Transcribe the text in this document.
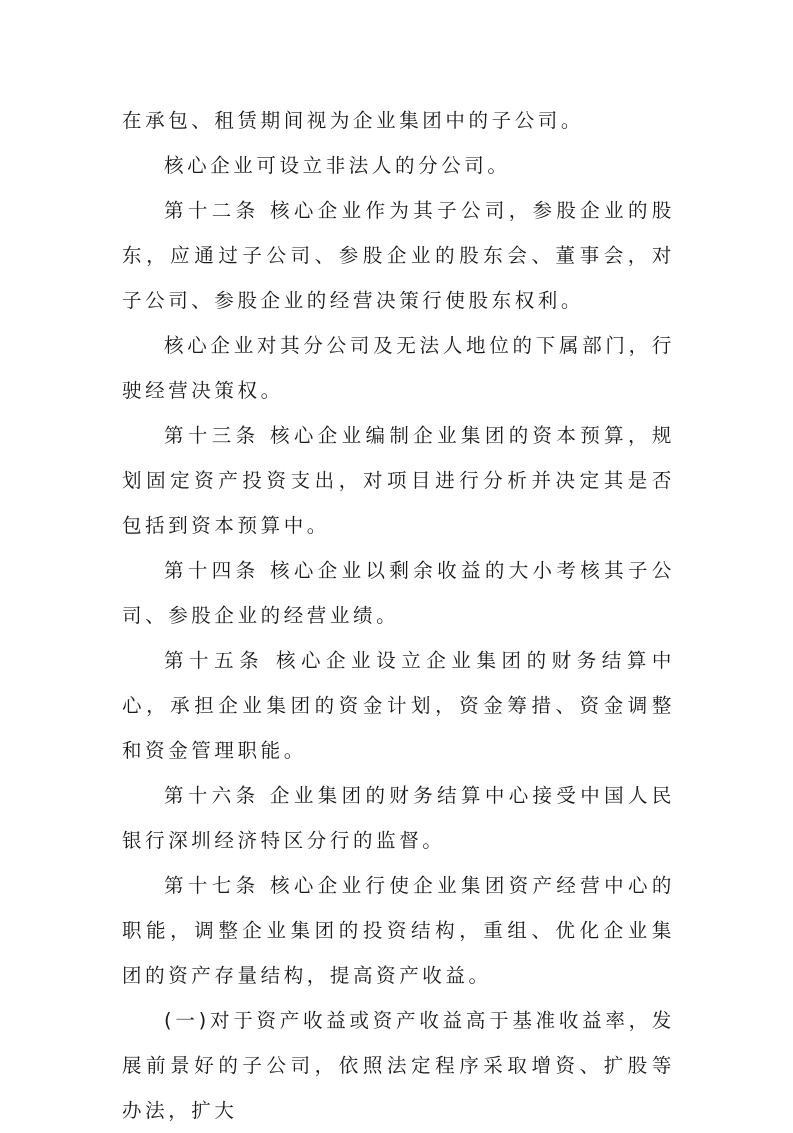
在承包、租赁期间视为企业集团中的子公司。

核心企业可设立非法人的分公司。

第十二条 核心企业作为其子公司，参股企业的股东，应通过子公司、参股企业的股东会、董事会，对子公司、参股企业的经营决策行使股东权利。

核心企业对其分公司及无法人地位的下属部门，行驶经营决策权。

第十三条 核心企业编制企业集团的资本预算，规划固定资产投资支出，对项目进行分析并决定其是否包括到资本预算中。

第十四条 核心企业以剩余收益的大小考核其子公司、参股企业的经营业绩。

第十五条 核心企业设立企业集团的财务结算中心，承担企业集团的资金计划，资金筹措、资金调整和资金管理职能。

第十六条 企业集团的财务结算中心接受中国人民银行深圳经济特区分行的监督。

第十七条 核心企业行使企业集团资产经营中心的职能，调整企业集团的投资结构，重组、优化企业集团的资产存量结构，提高资产收益。

(一)对于资产收益或资产收益高于基准收益率，发展前景好的子公司，依照法定程序采取增资、扩股等办法，扩大
